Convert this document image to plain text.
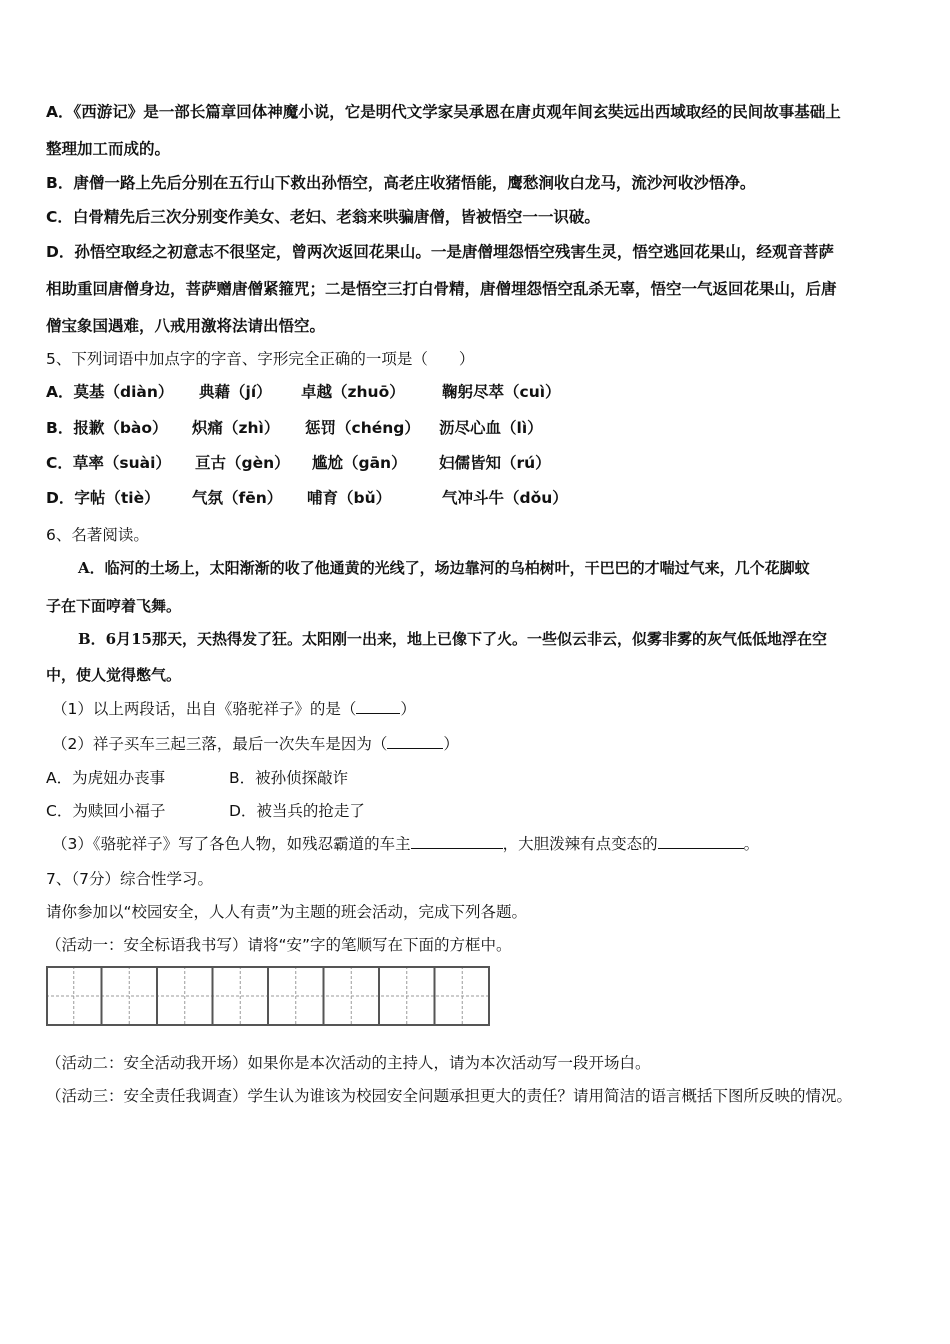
A．《西游记》是一部长篇章回体神魔小说，它是明代文学家吴承恩在唐贞观年间玄奘远出西域取经的民间故事基础上
整理加工而成的。
B．唐僧一路上先后分别在五行山下救出孙悟空，高老庄收猪悟能，鹰愁涧收白龙马，流沙河收沙悟净。
C．白骨精先后三次分别变作美女、老妇、老翁来哄骗唐僧，皆被悟空一一识破。
D．孙悟空取经之初意志不很坚定，曾两次返回花果山。一是唐僧埋怨悟空残害生灵，悟空逃回花果山，经观音菩萨
相助重回唐僧身边，菩萨赠唐僧紧箍咒；二是悟空三打白骨精，唐僧埋怨悟空乱杀无辜，悟空一气返回花果山，后唐
僧宝象国遇难，八戒用激将法请出悟空。
5、下列词语中加点字的字音、字形完全正确的一项是（　　）
A．莫基（diàn） 典藉（jí） 卓越（zhuō） 鞠躬尽萃（cuì）
B．报歉（bào） 炽痛（zhì） 惩罚（chéng） 沥尽心血（lì）
C．草率（suài） 亘古（gèn） 尴尬（gān） 妇儒皆知（rú）
D．字帖（tiè） 气氛（fēn） 哺育（bǔ）	气冲斗牛（dǒu）
6、名著阅读。
A．临河的土场上，太阳渐渐的收了他通黄的光线了，场边靠河的乌柏树叶，干巴巴的才喘过气来，几个花脚蚊
子在下面哼着飞舞。
B．6月15那天，天热得发了狂。太阳刚一出来，地上已像下了火。一些似云非云，似雾非雾的灰气低低地浮在空
中，使人觉得憋气。
（1）以上两段话，出自《骆驼祥子》的是（	）
（2）祥子买车三起三落，最后一次失车是因为（	）
A．为虎妞办丧事	B．被孙侦探敲诈
C．为赎回小福子	D．被当兵的抢走了
（3）《骆驼祥子》写了各色人物，如残忍霸道的车主	，大胆泼辣有点变态的	。
7、（7分）综合性学习。
请你参加以“校园安全，人人有责”为主题的班会活动，完成下列各题。
（活动一：安全标语我书写）请将“安”字的笔顺写在下面的方框中。
（活动二：安全活动我开场）如果你是本次活动的主持人，请为本次活动写一段开场白。
（活动三：安全责任我调查）学生认为谁该为校园安全问题承担更大的责任？请用简洁的语言概括下图所反映的情况。
